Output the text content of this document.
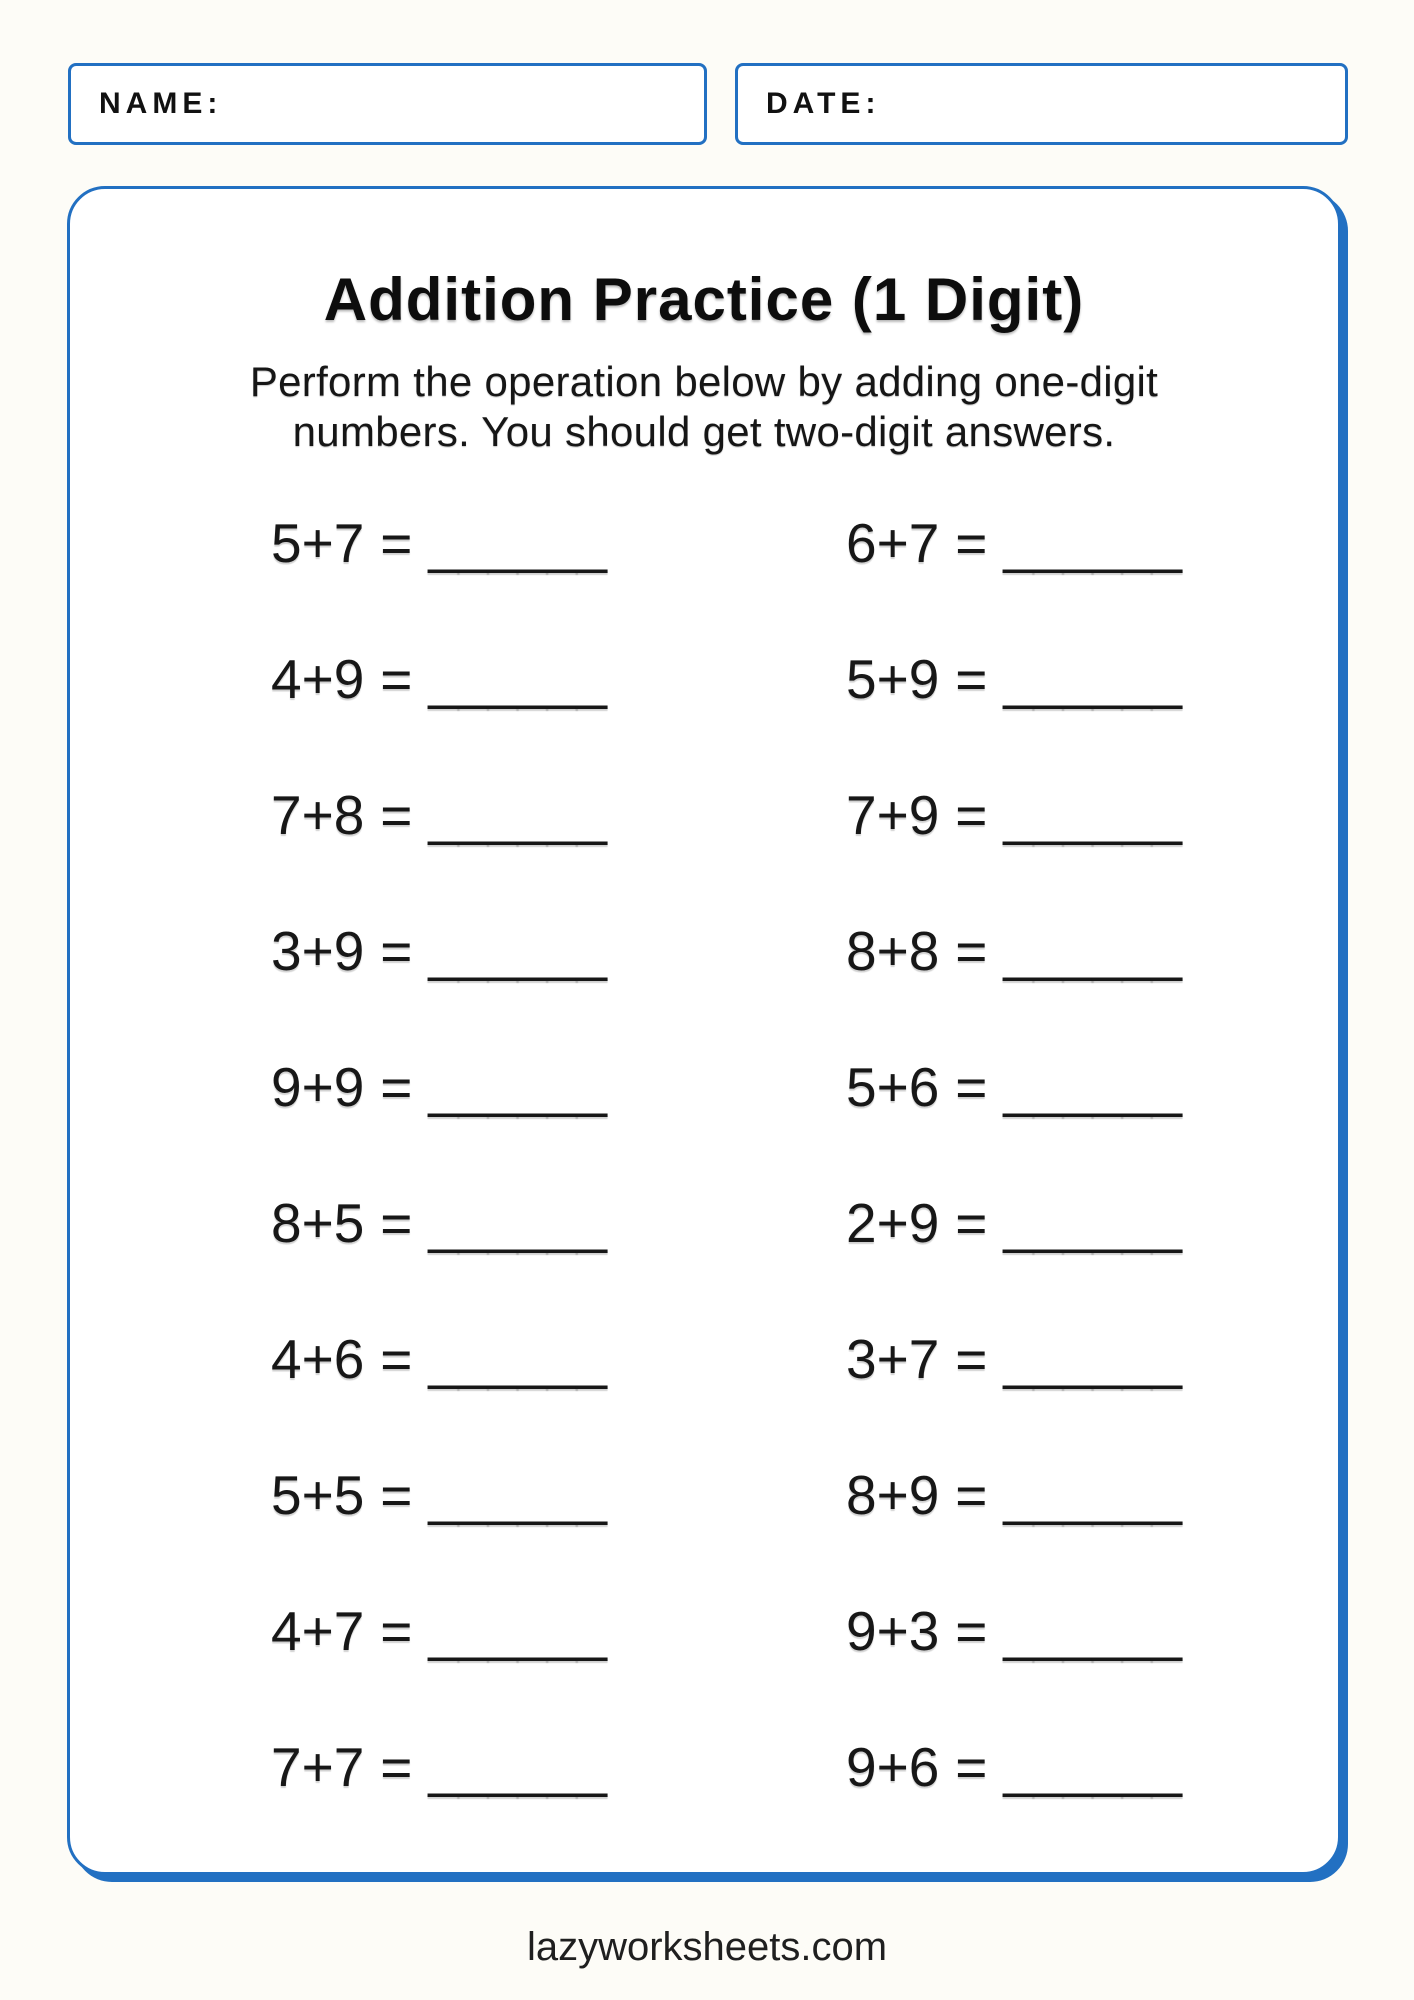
NAME:	DATE:
Addition Practice (1 Digit)

Perform the operation below by adding one-digit
numbers. You should get two-digit answers.

5+7 = ______	6+7 = ______
4+9 = ______	5+9 = ______
7+8 = ______	7+9 = ______
3+9 = ______	8+8 = ______
9+9 = ______	5+6 = ______
8+5 = ______	2+9 = ______
4+6 = ______	3+7 = ______
5+5 = ______	8+9 = ______
4+7 = ______	9+3 = ______
7+7 = ______	9+6 = ______
lazyworksheets.com
